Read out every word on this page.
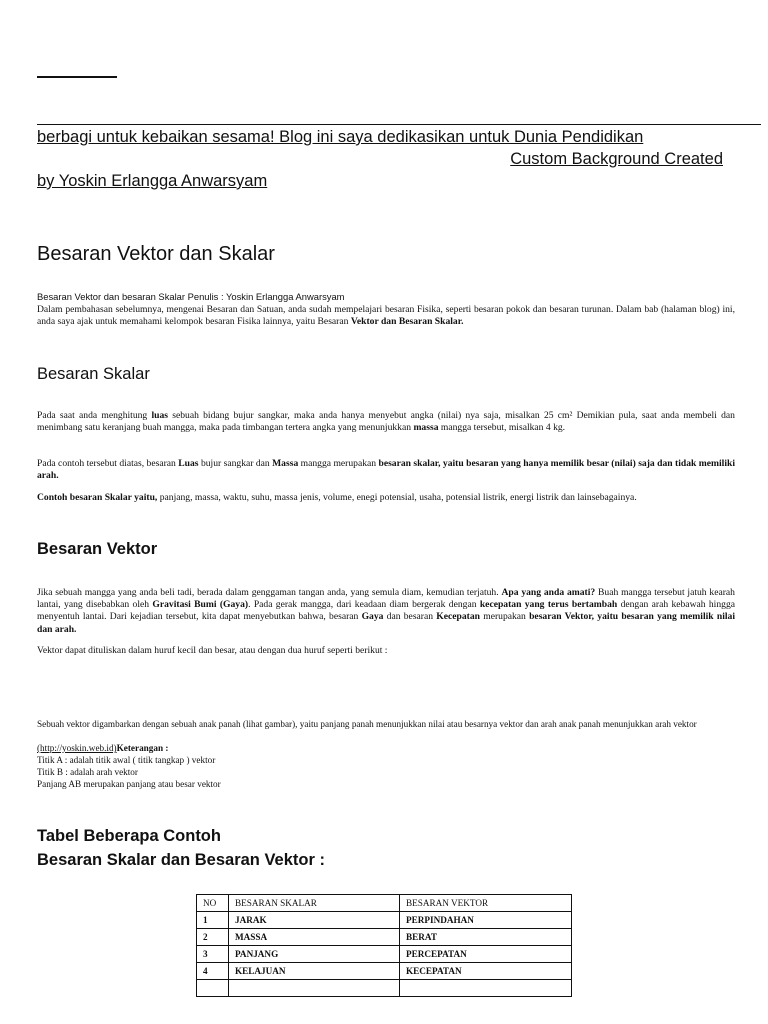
berbagi untuk kebaikan sesama! Blog ini saya dedikasikan untuk Dunia Pendidikan
Custom Background Created
by Yoskin Erlangga Anwarsyam
Besaran Vektor dan Skalar
Besaran Vektor dan besaran Skalar Penulis : Yoskin Erlangga Anwarsyam
Dalam pembahasan sebelumnya, mengenai Besaran dan Satuan, anda sudah mempelajari besaran Fisika, seperti besaran pokok dan besaran turunan. Dalam bab (halaman blog) ini, anda saya ajak untuk memahami kelompok besaran Fisika lainnya, yaitu Besaran Vektor dan Besaran Skalar.
Besaran Skalar
Pada saat anda menghitung luas sebuah bidang bujur sangkar, maka anda hanya menyebut angka (nilai) nya saja, misalkan 25 cm² Demikian pula, saat anda membeli dan menimbang satu keranjang buah mangga, maka pada timbangan tertera angka yang menunjukkan massa mangga tersebut, misalkan 4 kg.
Pada contoh tersebut diatas, besaran Luas bujur sangkar dan Massa mangga merupakan besaran skalar, yaitu besaran yang hanya memilik besar (nilai) saja dan tidak memiliki arah.
Contoh besaran Skalar yaitu, panjang, massa, waktu, suhu, massa jenis, volume, enegi potensial, usaha, potensial listrik, energi listrik dan lainsebagainya.
Besaran Vektor
Jika sebuah mangga yang anda beli tadi, berada dalam genggaman tangan anda, yang semula diam, kemudian terjatuh. Apa yang anda amati? Buah mangga tersebut jatuh kearah lantai, yang disebabkan oleh Gravitasi Bumi (Gaya). Pada gerak mangga, dari keadaan diam bergerak dengan kecepatan yang terus bertambah dengan arah kebawah hingga menyentuh lantai. Dari kejadian tersebut, kita dapat menyebutkan bahwa, besaran Gaya dan besaran Kecepatan merupakan besaran Vektor, yaitu besaran yang memilik nilai dan arah.
Vektor dapat dituliskan dalam huruf kecil dan besar, atau dengan dua huruf seperti berikut :
Sebuah vektor digambarkan dengan sebuah anak panah (lihat gambar), yaitu panjang panah menunjukkan nilai atau besarnya vektor dan arah anak panah menunjukkan arah vektor
(http://yoskin.web.id)Keterangan :
Titik A : adalah titik awal ( titik tangkap ) vektor
Titik B : adalah arah vektor
Panjang AB merupakan panjang atau besar vektor
Tabel Beberapa Contoh
Besaran Skalar dan Besaran Vektor :
NO	BESARAN SKALAR	BESARAN VEKTOR
1	JARAK	PERPINDAHAN
2	MASSA	BERAT
3	PANJANG	PERCEPATAN
4	KELAJUAN	KECEPATAN
